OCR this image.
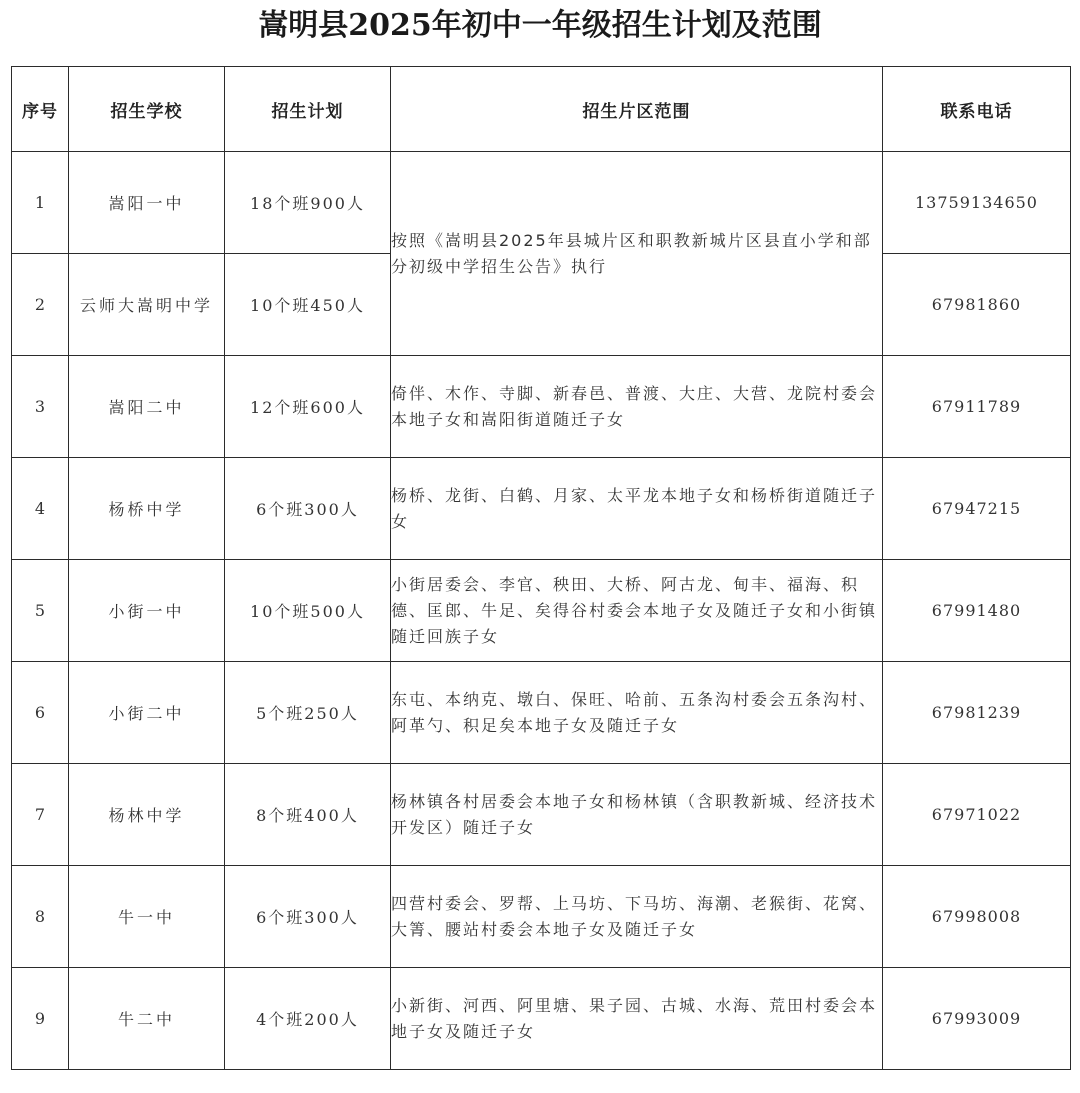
嵩明县2025年初中一年级招生计划及范围
序号	招生学校	招生计划	招生片区范围	联系电话
1	嵩阳一中	18个班900人	按照《嵩明县2025年县城片区和职教新城片区县直小学和部分初级中学招生公告》执行	13759134650
2	云师大嵩明中学	10个班450人		67981860
3	嵩阳二中	12个班600人	倚伴、木作、寺脚、新春邑、普渡、大庄、大营、龙院村委会本地子女和嵩阳街道随迁子女	67911789
4	杨桥中学	6个班300人	杨桥、龙街、白鹤、月家、太平龙本地子女和杨桥街道随迁子女	67947215
5	小街一中	10个班500人	小街居委会、李官、秧田、大桥、阿古龙、甸丰、福海、积德、匡郎、牛足、矣得谷村委会本地子女及随迁子女和小街镇随迁回族子女	67991480
6	小街二中	5个班250人	东屯、本纳克、墩白、保旺、哈前、五条沟村委会五条沟村、阿革勺、积足矣本地子女及随迁子女	67981239
7	杨林中学	8个班400人	杨林镇各村居委会本地子女和杨林镇（含职教新城、经济技术开发区）随迁子女	67971022
8	牛一中	6个班300人	四营村委会、罗帮、上马坊、下马坊、海潮、老猴街、花窝、大箐、腰站村委会本地子女及随迁子女	67998008
9	牛二中	4个班200人	小新街、河西、阿里塘、果子园、古城、水海、荒田村委会本地子女及随迁子女	67993009
